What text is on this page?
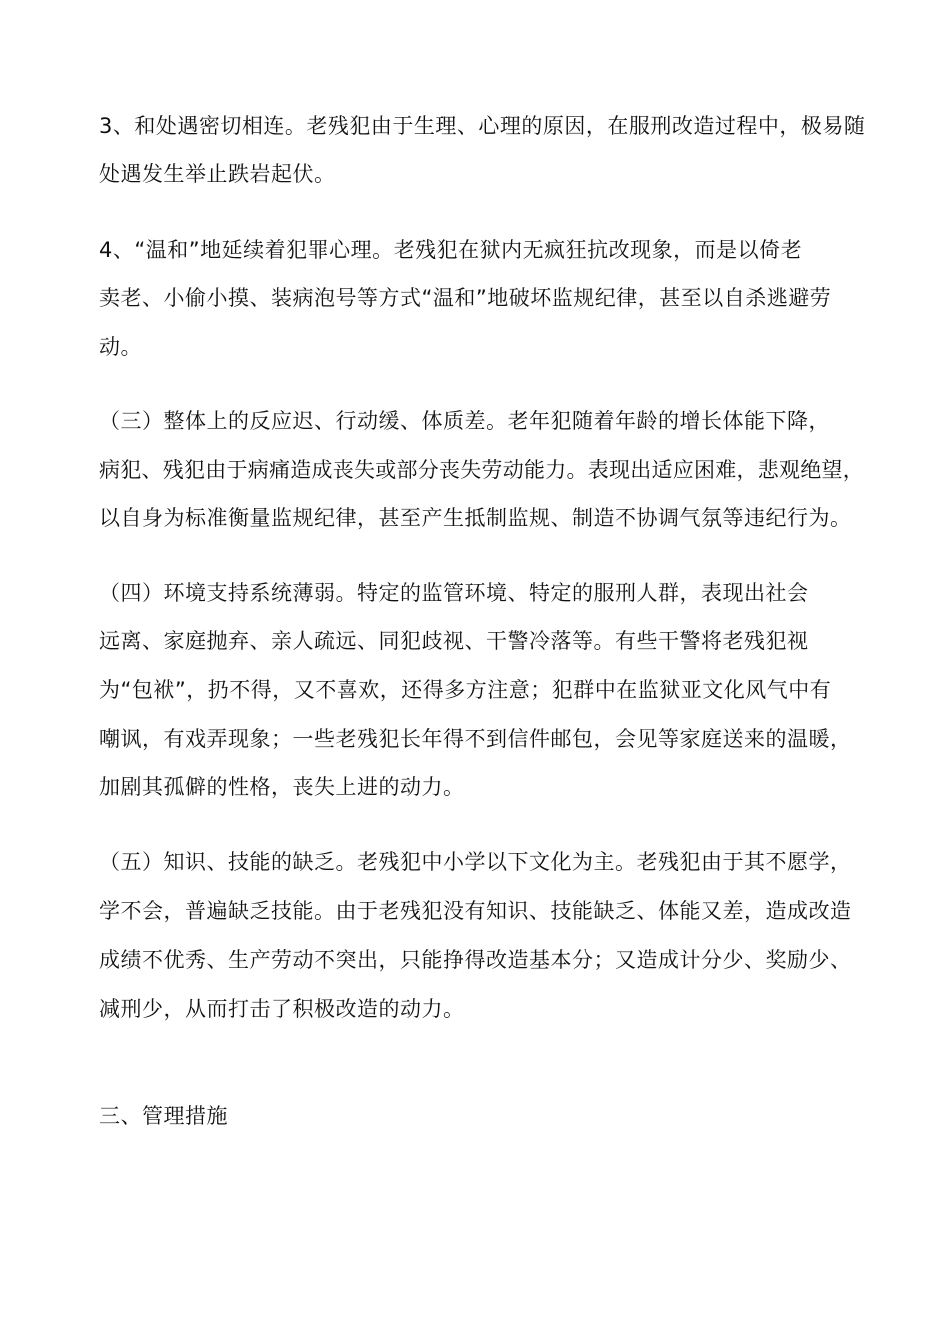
3、和处遇密切相连。老残犯由于生理、心理的原因，在服刑改造过程中，极易随
处遇发生举止跌岩起伏。
4、“温和”地延续着犯罪心理。老残犯在狱内无疯狂抗改现象，而是以倚老
卖老、小偷小摸、装病泡号等方式“温和”地破坏监规纪律，甚至以自杀逃避劳
动。
（三）整体上的反应迟、行动缓、体质差。老年犯随着年龄的增长体能下降，
病犯、残犯由于病痛造成丧失或部分丧失劳动能力。表现出适应困难，悲观绝望，
以自身为标准衡量监规纪律，甚至产生抵制监规、制造不协调气氛等违纪行为。
（四）环境支持系统薄弱。特定的监管环境、特定的服刑人群，表现出社会
远离、家庭抛弃、亲人疏远、同犯歧视、干警冷落等。有些干警将老残犯视
为“包袱”，扔不得，又不喜欢，还得多方注意；犯群中在监狱亚文化风气中有
嘲讽，有戏弄现象；一些老残犯长年得不到信件邮包，会见等家庭送来的温暖，
加剧其孤僻的性格，丧失上进的动力。
（五）知识、技能的缺乏。老残犯中小学以下文化为主。老残犯由于其不愿学，
学不会，普遍缺乏技能。由于老残犯没有知识、技能缺乏、体能又差，造成改造
成绩不优秀、生产劳动不突出，只能挣得改造基本分；又造成计分少、奖励少、
减刑少，从而打击了积极改造的动力。
三、管理措施
